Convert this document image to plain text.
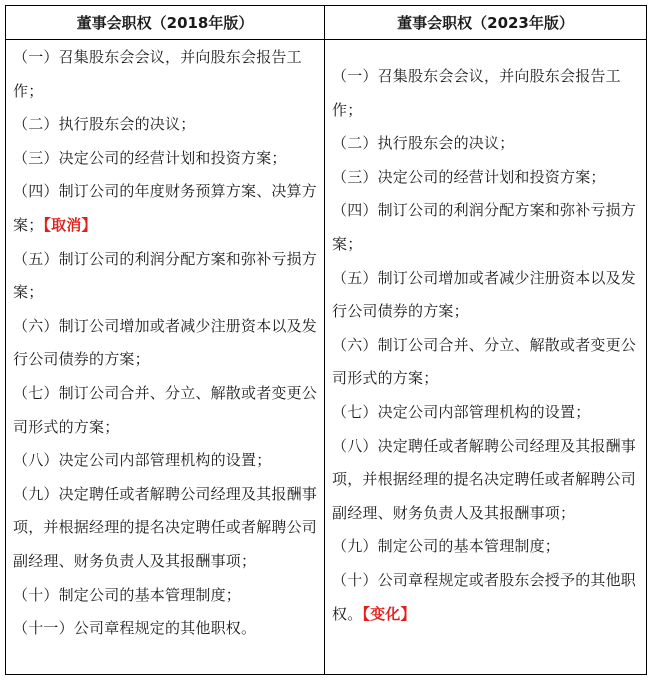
董事会职权（2018年版）	董事会职权（2023年版）

（一）召集股东会会议，并向股东会报告工作；

（二）执行股东会的决议；

（三）决定公司的经营计划和投资方案；

（四）制订公司的年度财务预算方案、决算方案；【取消】

（五）制订公司的利润分配方案和弥补亏损方案；

（六）制订公司增加或者减少注册资本以及发行公司债券的方案；

（七）制订公司合并、分立、解散或者变更公司形式的方案；

（八）决定公司内部管理机构的设置；

（九）决定聘任或者解聘公司经理及其报酬事项，并根据经理的提名决定聘任或者解聘公司副经理、财务负责人及其报酬事项；

（十）制定公司的基本管理制度；

（十一）公司章程规定的其他职权。

（一）召集股东会会议，并向股东会报告工作；

（二）执行股东会的决议；

（三）决定公司的经营计划和投资方案；

（四）制订公司的利润分配方案和弥补亏损方案；

（五）制订公司增加或者减少注册资本以及发行公司债券的方案；

（六）制订公司合并、分立、解散或者变更公司形式的方案；

（七）决定公司内部管理机构的设置；

（八）决定聘任或者解聘公司经理及其报酬事项，并根据经理的提名决定聘任或者解聘公司副经理、财务负责人及其报酬事项；

（九）制定公司的基本管理制度；

（十）公司章程规定或者股东会授予的其他职权。【变化】
